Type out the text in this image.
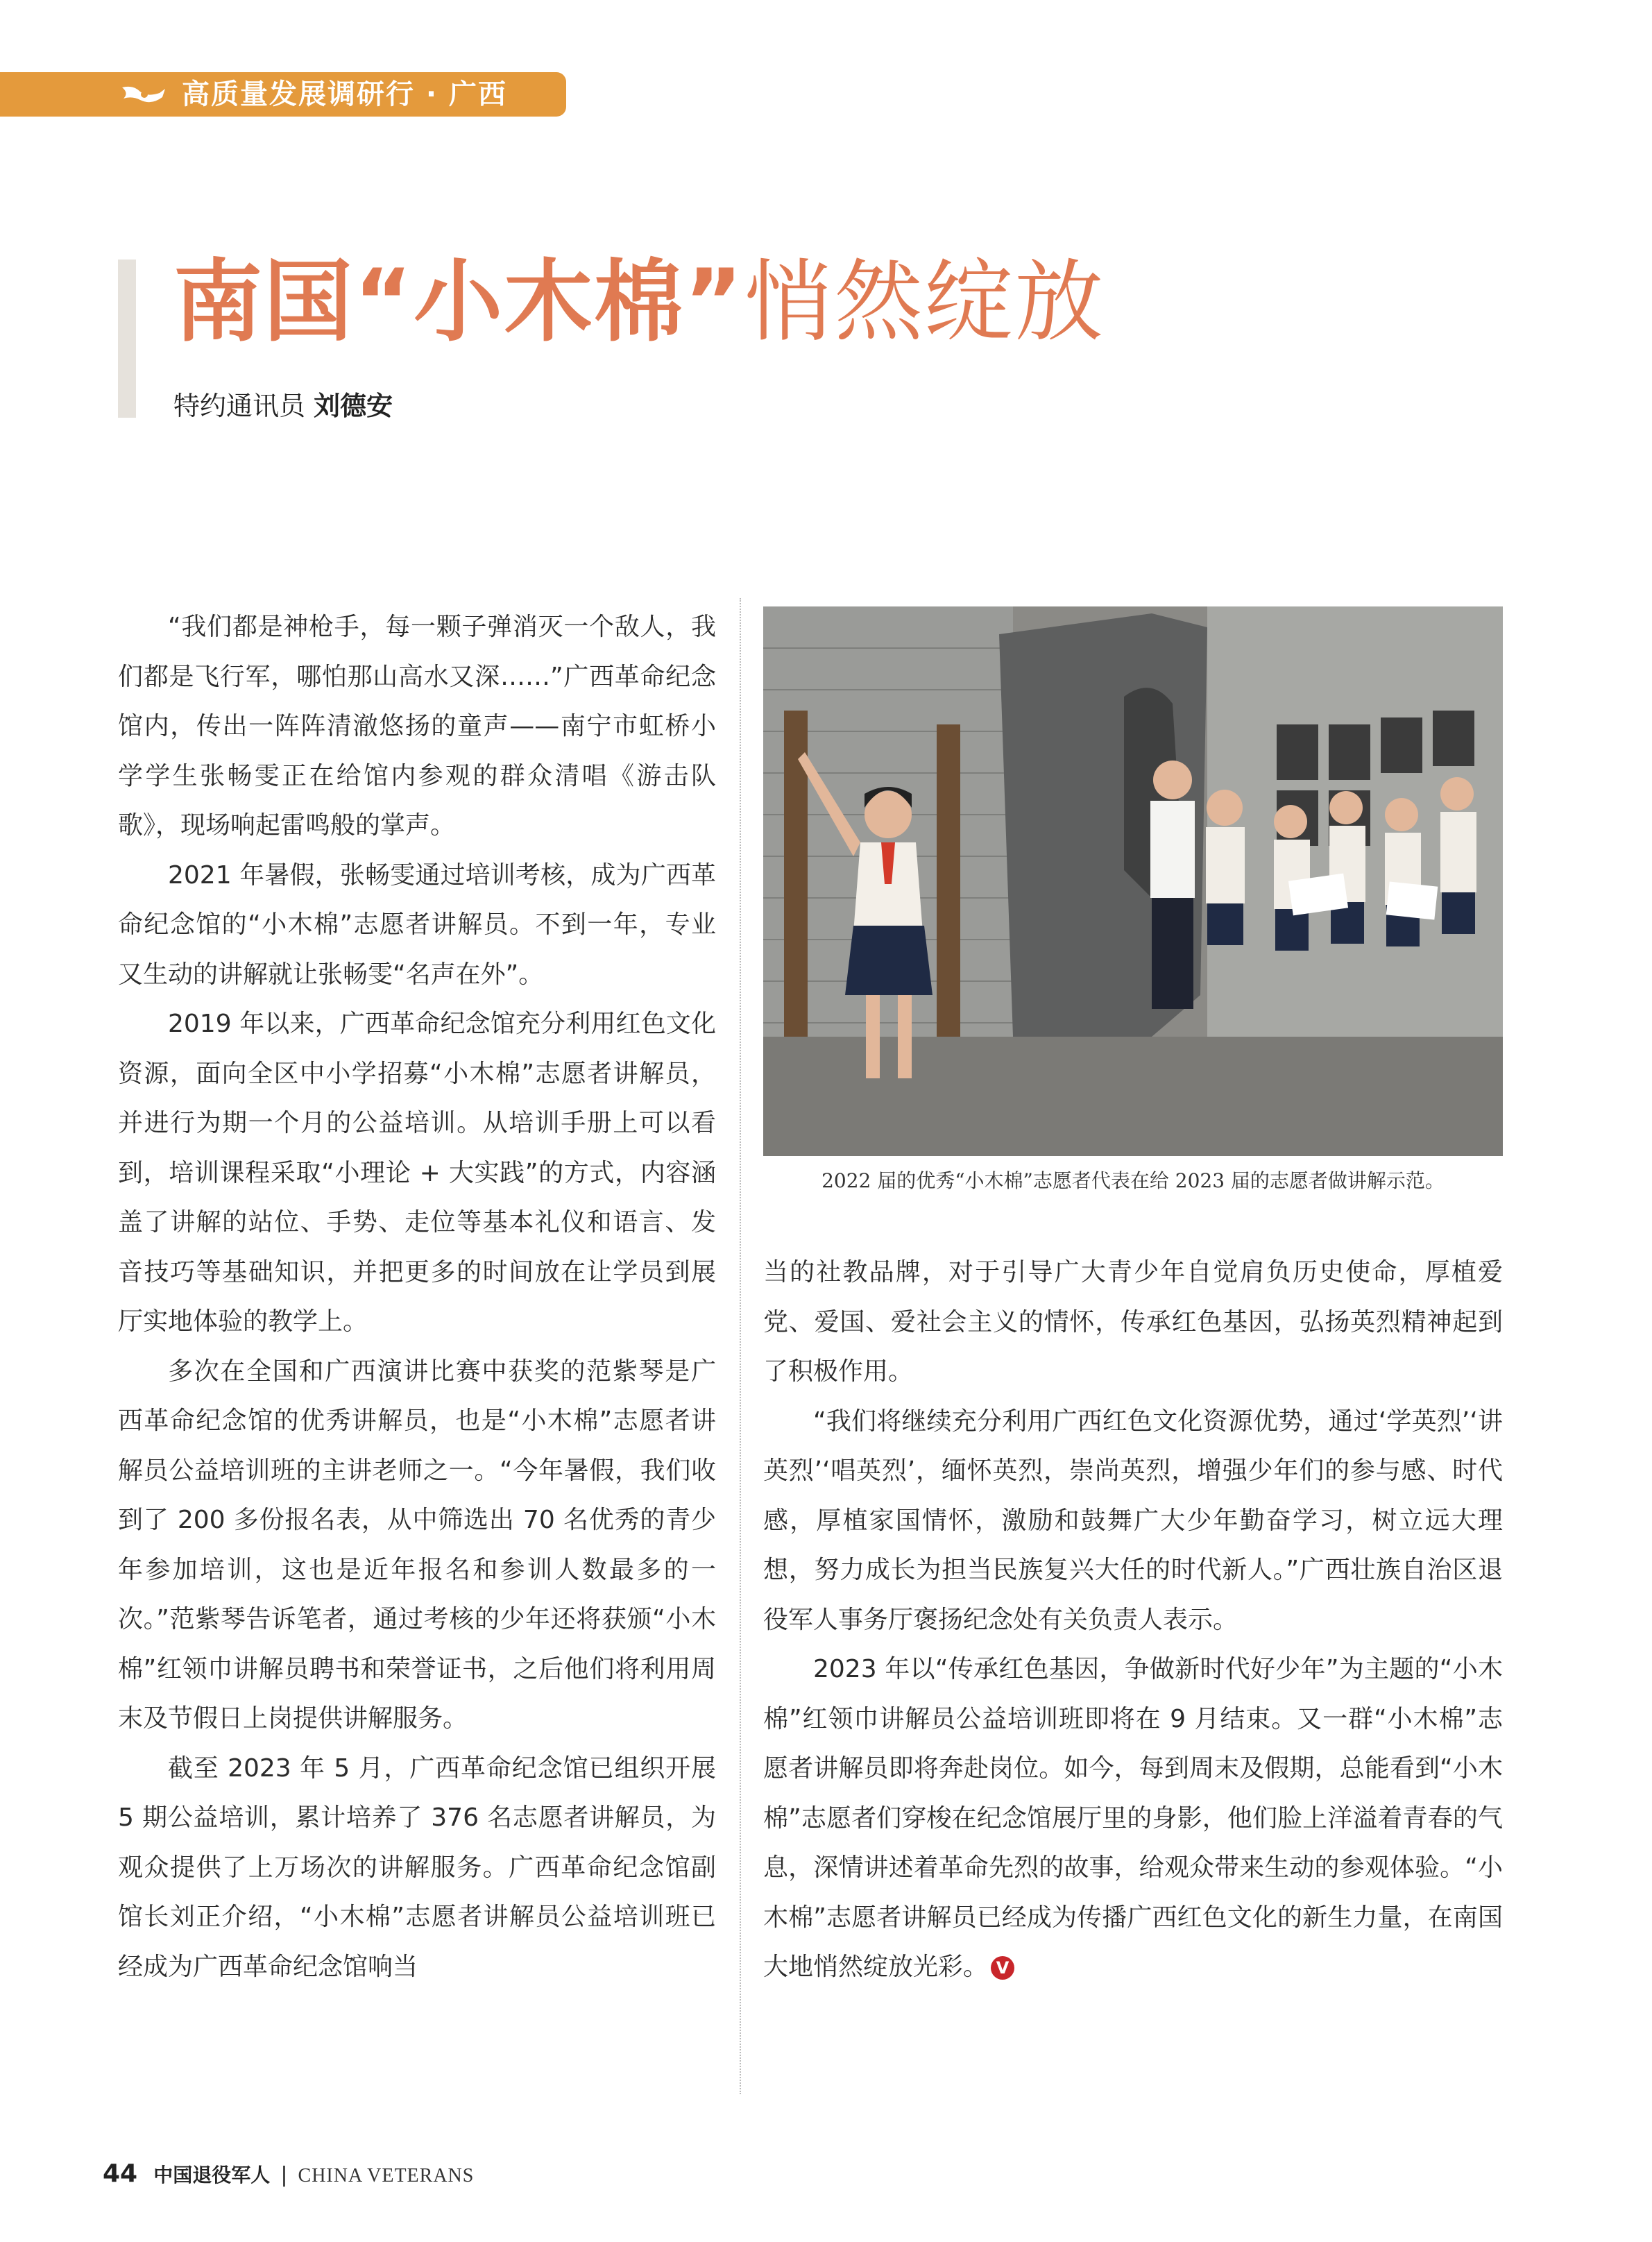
高质量发展调研行 · 广西
南国“小木棉”悄然绽放
特约通讯员 刘德安

“我们都是神枪手，每一颗子弹消灭一个敌人，我们都是飞行军，哪怕那山高水又深……”广西革命纪念馆内，传出一阵阵清澈悠扬的童声——南宁市虹桥小学学生张畅雯正在给馆内参观的群众清唱《游击队歌》，现场响起雷鸣般的掌声。

2021 年暑假，张畅雯通过培训考核，成为广西革命纪念馆的“小木棉”志愿者讲解员。不到一年，专业又生动的讲解就让张畅雯“名声在外”。

2019 年以来，广西革命纪念馆充分利用红色文化资源，面向全区中小学招募“小木棉”志愿者讲解员，并进行为期一个月的公益培训。从培训手册上可以看到，培训课程采取“小理论 + 大实践”的方式，内容涵盖了讲解的站位、手势、走位等基本礼仪和语言、发音技巧等基础知识，并把更多的时间放在让学员到展厅实地体验的教学上。

多次在全国和广西演讲比赛中获奖的范紫琴是广西革命纪念馆的优秀讲解员，也是“小木棉”志愿者讲解员公益培训班的主讲老师之一。“今年暑假，我们收到了 200 多份报名表，从中筛选出 70 名优秀的青少年参加培训，这也是近年报名和参训人数最多的一次。”范紫琴告诉笔者，通过考核的少年还将获颁“小木棉”红领巾讲解员聘书和荣誉证书，之后他们将利用周末及节假日上岗提供讲解服务。

截至 2023 年 5 月，广西革命纪念馆已组织开展 5 期公益培训，累计培养了 376 名志愿者讲解员，为观众提供了上万场次的讲解服务。广西革命纪念馆副馆长刘正介绍，“小木棉”志愿者讲解员公益培训班已经成为广西革命纪念馆响当

2022 届的优秀“小木棉”志愿者代表在给 2023 届的志愿者做讲解示范。

当的社教品牌，对于引导广大青少年自觉肩负历史使命，厚植爱党、爱国、爱社会主义的情怀，传承红色基因，弘扬英烈精神起到了积极作用。

“我们将继续充分利用广西红色文化资源优势，通过‘学英烈’‘讲英烈’‘唱英烈’，缅怀英烈，崇尚英烈，增强少年们的参与感、时代感，厚植家国情怀，激励和鼓舞广大少年勤奋学习，树立远大理想，努力成长为担当民族复兴大任的时代新人。”广西壮族自治区退役军人事务厅褒扬纪念处有关负责人表示。

2023 年以“传承红色基因，争做新时代好少年”为主题的“小木棉”红领巾讲解员公益培训班即将在 9 月结束。又一群“小木棉”志愿者讲解员即将奔赴岗位。如今，每到周末及假期，总能看到“小木棉”志愿者们穿梭在纪念馆展厅里的身影，他们脸上洋溢着青春的气息，深情讲述着革命先烈的故事，给观众带来生动的参观体验。“小木棉”志愿者讲解员已经成为传播广西红色文化的新生力量，在南国大地悄然绽放光彩。 V

44 中国退役军人 | CHINA VETERANS
